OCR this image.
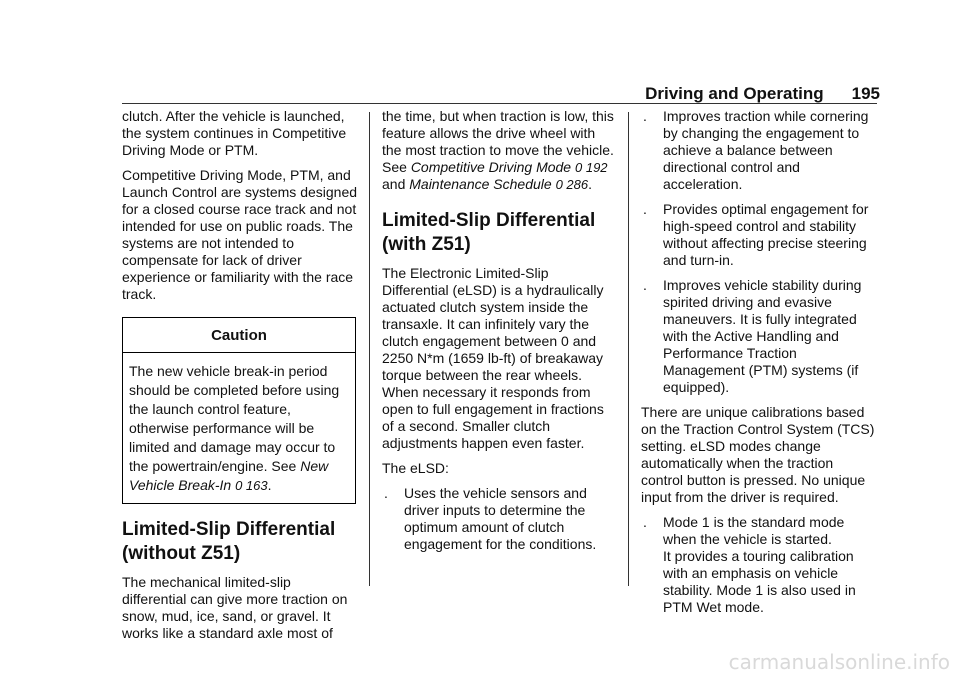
Driving and Operating 195

clutch. After the vehicle is launched, the system continues in Competitive Driving Mode or PTM.

Competitive Driving Mode, PTM, and Launch Control are systems designed for a closed course race track and not intended for use on public roads. The systems are not intended to compensate for lack of driver experience or familiarity with the race track.

Caution
The new vehicle break-in period should be completed before using the launch control feature, otherwise performance will be limited and damage may occur to the powertrain/engine. See New Vehicle Break-In 0 163.
Limited-Slip Differential (without Z51)

The mechanical limited-slip differential can give more traction on snow, mud, ice, sand, or gravel. It works like a standard axle most of

the time, but when traction is low, this feature allows the drive wheel with the most traction to move the vehicle. See Competitive Driving Mode 0 192 and Maintenance Schedule 0 286.

Limited-Slip Differential (with Z51)

The Electronic Limited-Slip Differential (eLSD) is a hydraulically actuated clutch system inside the transaxle. It can infinitely vary the clutch engagement between 0 and 2250 N*m (1659 lb-ft) of breakaway torque between the rear wheels. When necessary it responds from open to full engagement in fractions of a second. Smaller clutch adjustments happen even faster.

The eLSD:

. Uses the vehicle sensors and driver inputs to determine the optimum amount of clutch engagement for the conditions.
. Improves traction while cornering by changing the engagement to achieve a balance between directional control and acceleration.
. Provides optimal engagement for high-speed control and stability without affecting precise steering and turn-in.
. Improves vehicle stability during spirited driving and evasive maneuvers. It is fully integrated with the Active Handling and Performance Traction Management (PTM) systems (if equipped).

There are unique calibrations based on the Traction Control System (TCS) setting. eLSD modes change automatically when the traction control button is pressed. No unique input from the driver is required.

. Mode 1 is the standard mode when the vehicle is started.
It provides a touring calibration with an emphasis on vehicle stability. Mode 1 is also used in PTM Wet mode.
carmanualsonline.info
